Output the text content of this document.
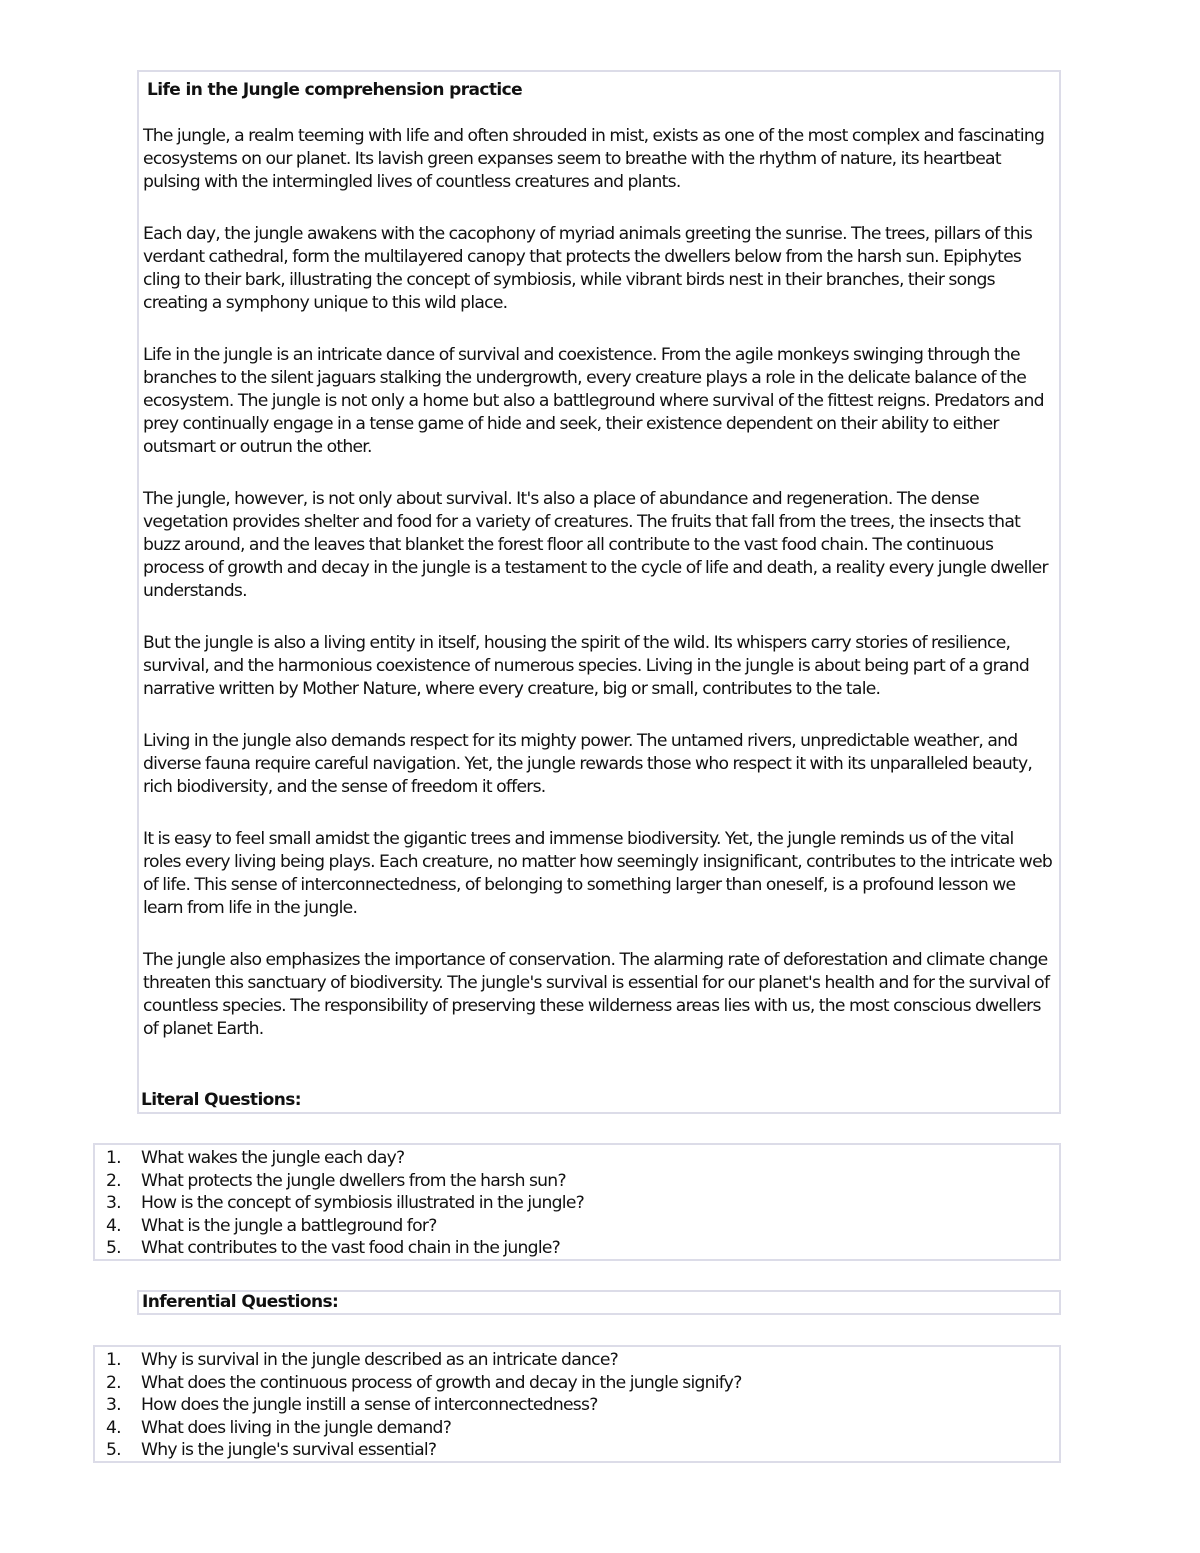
Life in the Jungle comprehension practice

The jungle, a realm teeming with life and often shrouded in mist, exists as one of the most complex and fascinating ecosystems on our planet. Its lavish green expanses seem to breathe with the rhythm of nature, its heartbeat pulsing with the intermingled lives of countless creatures and plants.

Each day, the jungle awakens with the cacophony of myriad animals greeting the sunrise. The trees, pillars of this verdant cathedral, form the multilayered canopy that protects the dwellers below from the harsh sun. Epiphytes cling to their bark, illustrating the concept of symbiosis, while vibrant birds nest in their branches, their songs creating a symphony unique to this wild place.

Life in the jungle is an intricate dance of survival and coexistence. From the agile monkeys swinging through the branches to the silent jaguars stalking the undergrowth, every creature plays a role in the delicate balance of the ecosystem. The jungle is not only a home but also a battleground where survival of the fittest reigns. Predators and prey continually engage in a tense game of hide and seek, their existence dependent on their ability to either outsmart or outrun the other.

The jungle, however, is not only about survival. It's also a place of abundance and regeneration. The dense vegetation provides shelter and food for a variety of creatures. The fruits that fall from the trees, the insects that buzz around, and the leaves that blanket the forest floor all contribute to the vast food chain. The continuous process of growth and decay in the jungle is a testament to the cycle of life and death, a reality every jungle dweller understands.

But the jungle is also a living entity in itself, housing the spirit of the wild. Its whispers carry stories of resilience, survival, and the harmonious coexistence of numerous species. Living in the jungle is about being part of a grand narrative written by Mother Nature, where every creature, big or small, contributes to the tale.

Living in the jungle also demands respect for its mighty power. The untamed rivers, unpredictable weather, and diverse fauna require careful navigation. Yet, the jungle rewards those who respect it with its unparalleled beauty, rich biodiversity, and the sense of freedom it offers.

It is easy to feel small amidst the gigantic trees and immense biodiversity. Yet, the jungle reminds us of the vital roles every living being plays. Each creature, no matter how seemingly insignificant, contributes to the intricate web of life. This sense of interconnectedness, of belonging to something larger than oneself, is a profound lesson we learn from life in the jungle.

The jungle also emphasizes the importance of conservation. The alarming rate of deforestation and climate change threaten this sanctuary of biodiversity. The jungle's survival is essential for our planet's health and for the survival of countless species. The responsibility of preserving these wilderness areas lies with us, the most conscious dwellers of planet Earth.

Literal Questions:
1. What wakes the jungle each day?
2. What protects the jungle dwellers from the harsh sun?
3. How is the concept of symbiosis illustrated in the jungle?
4. What is the jungle a battleground for?
5. What contributes to the vast food chain in the jungle?
Inferential Questions:
1. Why is survival in the jungle described as an intricate dance?
2. What does the continuous process of growth and decay in the jungle signify?
3. How does the jungle instill a sense of interconnectedness?
4. What does living in the jungle demand?
5. Why is the jungle's survival essential?
